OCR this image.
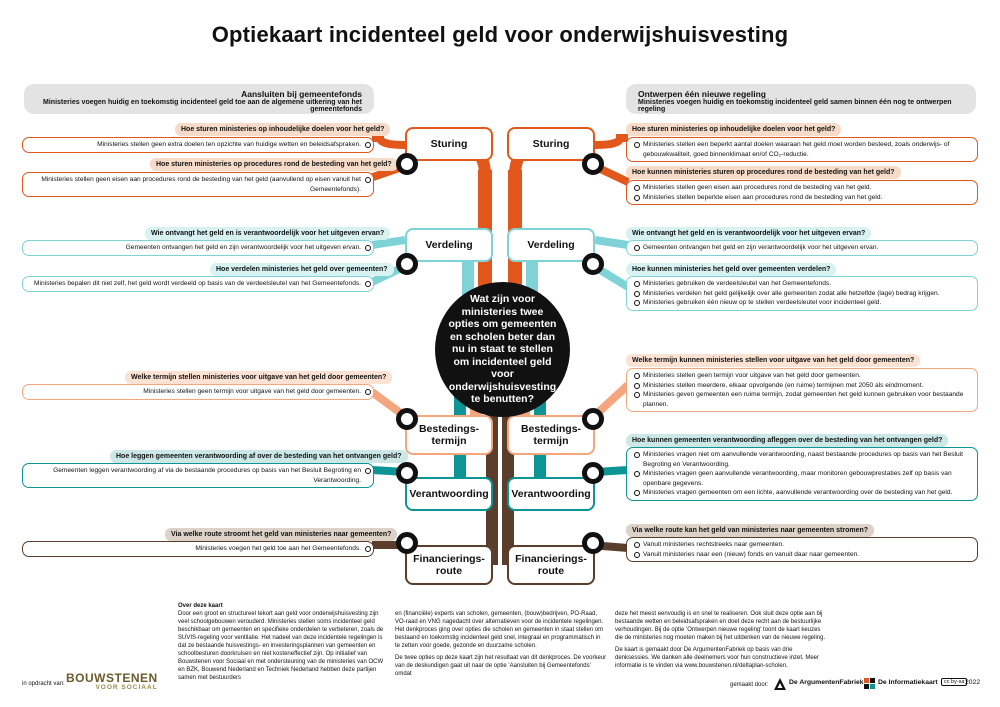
Optiekaart incidenteel geld voor onderwijshuisvesting
Aansluiten bij gemeentefonds
Ministeries voegen huidig en toekomstig incidenteel geld toe aan de algemene uitkering van het gemeentefonds
Ontwerpen één nieuwe regeling
Ministeries voegen huidig en toekomstig incidenteel geld samen binnen één nog te ontwerpen regeling
Hoe sturen ministeries op inhoudelijke doelen voor het geld?
Ministeries stellen geen extra doelen ten opzichte van huidige wetten en beleidsafspraken.
Hoe sturen ministeries op procedures rond de besteding van het geld?
Ministeries stellen geen eisen aan procedures rond de besteding van het geld (aanvullend op eisen vanuit het Gemeentefonds).
Wie ontvangt het geld en is verantwoordelijk voor het uitgeven ervan?
Gemeenten ontvangen het geld en zijn verantwoordelijk voor het uitgeven ervan.
Hoe verdelen ministeries het geld over gemeenten?
Ministeries bepalen dit niet zelf, het geld wordt verdeeld op basis van de verdeelsleutel van het Gemeentefonds.
Welke termijn stellen ministeries voor uitgave van het geld door gemeenten?
Ministeries stellen geen termijn voor uitgave van het geld door gemeenten.
Hoe leggen gemeenten verantwoording af over de besteding van het ontvangen geld?
Gemeenten leggen verantwoording af via de bestaande procedures op basis van het Besluit Begroting en Verantwoording.
Via welke route stroomt het geld van ministeries naar gemeenten?
Ministeries voegen het geld toe aan het Gemeentefonds.
Hoe sturen ministeries op inhoudelijke doelen voor het geld?
Ministeries stellen een beperkt aantal doelen waaraan het geld moet worden besteed, zoals onderwijs- of gebouwkwaliteit, goed binnenklimaat en/of CO₂-reductie.
Hoe kunnen ministeries sturen op procedures rond de besteding van het geld?
Ministeries stellen geen eisen aan procedures rond de besteding van het geld.
Ministeries stellen beperkte eisen aan procedures rond de besteding van het geld.
Wie ontvangt het geld en is verantwoordelijk voor het uitgeven ervan?
Gemeenten ontvangen het geld en zijn verantwoordelijk voor het uitgeven ervan.
Hoe kunnen ministeries het geld over gemeenten verdelen?
Ministeries gebruiken de verdeelsleutel van het Gemeentefonds.
Ministeries verdelen het geld gelijkelijk over alle gemeenten zodat alle hetzelfde (lage) bedrag krijgen.
Ministeries gebruiken één nieuw op te stellen verdeelsleutel voor incidenteel geld.
Welke termijn kunnen ministeries stellen voor uitgave van het geld door gemeenten?
Ministeries stellen geen termijn voor uitgave van het geld door gemeenten.
Ministeries stellen meerdere, elkaar opvolgende (en ruime) termijnen met 2050 als eindmoment.
Ministeries geven gemeenten een ruime termijn, zodat gemeenten het geld kunnen gebruiken voor bestaande plannen.
Hoe kunnen gemeenten verantwoording afleggen over de besteding van het ontvangen geld?
Ministeries vragen niet om aanvullende verantwoording, naast bestaande procedures op basis van het Besluit Begroting en Verantwoording.
Ministeries vragen geen aanvullende verantwoording, maar monitoren gebouwprestaties zelf op basis van openbare gegevens.
Ministeries vragen gemeenten om een lichte, aanvullende verantwoording over de besteding van het geld.
Via welke route kan het geld van ministeries naar gemeenten stromen?
Vanuit ministeries rechtstreeks naar gemeenten.
Vanuit ministeries naar een (nieuw) fonds en vanuit daar naar gemeenten.
Sturing	Sturing
Verdeling	Verdeling
Bestedings-termijn
Bestedings-termijn
Verantwoording	Verantwoording
Financierings-route
Financierings-route
Wat zijn voor ministeries twee opties om gemeenten en scholen beter dan nu in staat te stellen om incidenteel geld voor onderwijshuisvesting te benutten?
Over deze kaart
Door een groot en structureel tekort aan geld voor onderwijshuisvesting zijn veel schoolgebouwen verouderd. Ministeries stellen soms incidenteel geld beschikbaar om gemeenten en specifieke onderdelen te verbeteren, zoals de SUVIS-regeling voor ventilatie. Het nadeel van deze incidentele regelingen is dat ze bestaande huisvestings- en investeringsplannen van gemeenten en schoolbesturen doorkruisen en niet kosteneffectief zijn. Op initiatief van Bouwstenen voor Sociaal en met ondersteuning van de ministeries van OCW en BZK, Bouwend Nederland en Techniek Nederland hebben deze partijen samen met bestuurders
en (financiële) experts van scholen, gemeenten, (bouw)bedrijven, PO-Raad, VO-raad en VNG nagedacht over alternatieven voor de incidentele regelingen. Het denkproces ging over opties die scholen en gemeenten in staat stellen om bestaand en toekomstig incidenteel geld snel, integraal en programmatisch in te zetten voor goede, gezonde en duurzame scholen.
De twee opties op deze kaart zijn het resultaat van dit denkproces. De voorkeur van de deskundigen gaat uit naar de optie 'Aansluiten bij Gemeentefonds' omdat
deze het meest eenvoudig is en snel te realiseren. Ook sluit deze optie aan bij bestaande wetten en beleidsafspraken en doet deze recht aan de bestuurlijke verhoudingen. Bij de optie 'Ontwerpen nieuwe regeling' toont de kaart keuzes die de ministeries nog moeten maken bij het uitdenken van de nieuwe regeling.
De kaart is gemaakt door De ArgumentenFabriek op basis van drie denksessies. We danken alle deelnemers voor hun constructieve inzet. Meer informatie is te vinden via www.bouwstenen.nl/deltaplan-scholen.
in opdracht van: BOUWSTENEN
VOOR SOCIAAL	gemaakt door:	De ArgumentenFabriek De Informatiekaart	cc by-sa 2022
